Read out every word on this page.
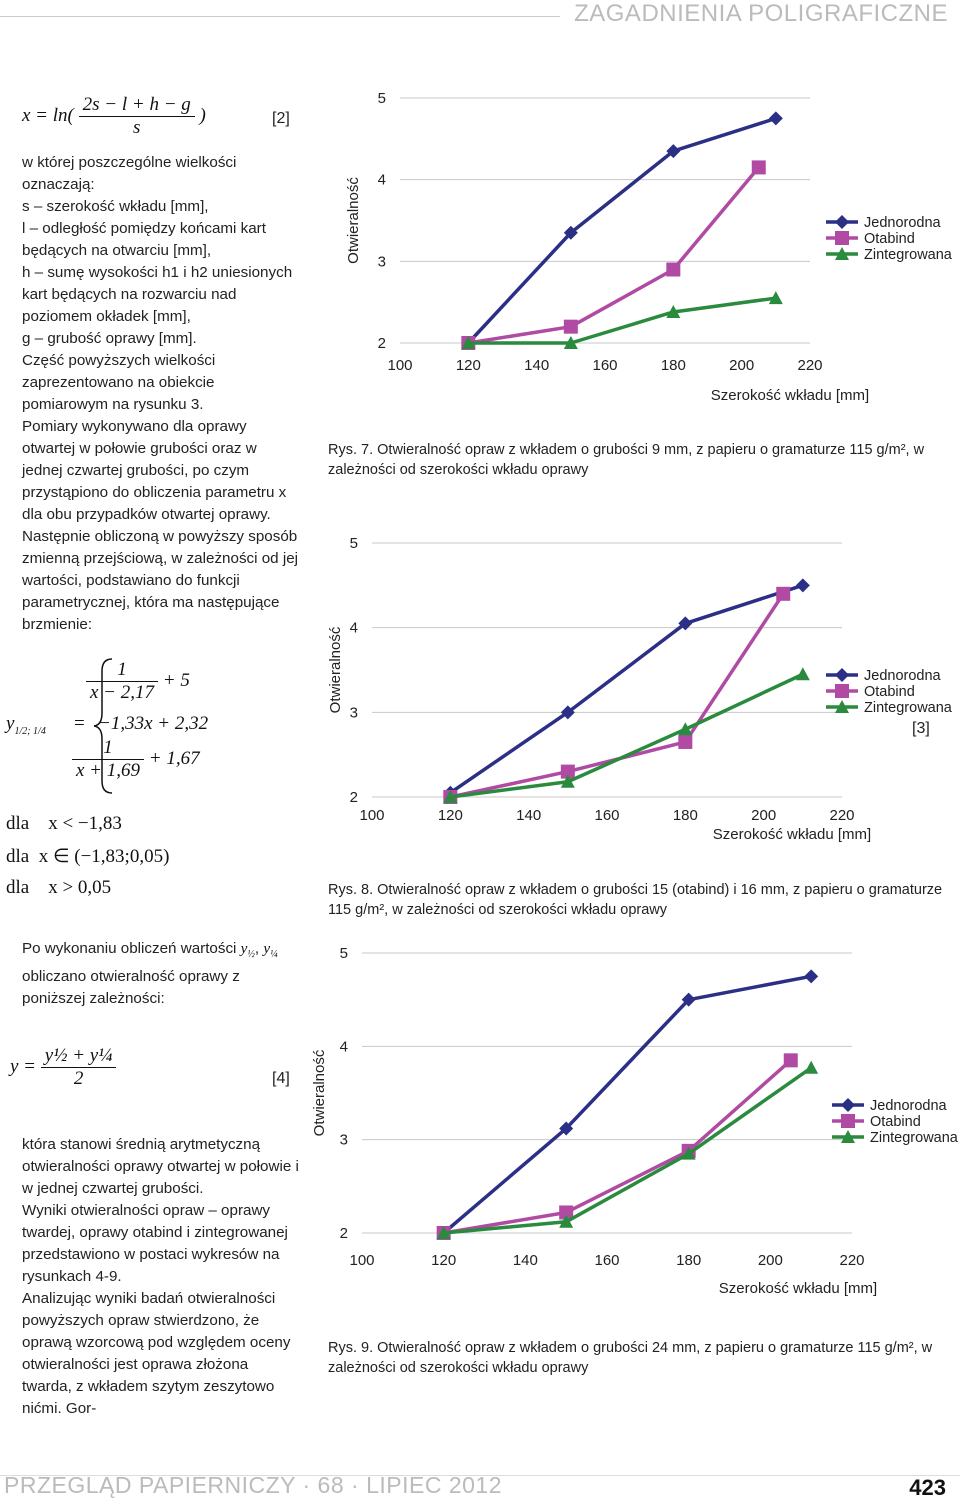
ZAGADNIENIA POLIGRAFICZNE
$x = \ln( \frac{2s - l + h - g}{s}$ )	[2]

w której poszczególne wielkości oznaczają:

s – szerokość wkładu [mm],

l – odległość pomiędzy końcami kart będących na otwarciu [mm],

h – sumę wysokości h1 i h2 uniesionych kart będących na rozwarciu nad poziomem okładek [mm],

g – grubość oprawy [mm].

Część powyższych wielkości zaprezentowano na obiekcie pomiarowym na rysunku 3.

Pomiary wykonywano dla oprawy otwartej w połowie grubości oraz w jednej czwartej grubości, po czym przystąpiono do obliczenia parametru x dla obu przypadków otwartej oprawy. Następnie obliczoną w powyższy sposób zmienną przejściową, w zależności od jej wartości, podstawiano do funkcji parametrycznej, która ma następujące brzmienie:

$y_{1/2; 1/4}$ =
$\frac{1}{x - 2,17} + 5$
−1,33x + 2,32
$\frac{1}{x + 1,69} + 1,67$
dla    x < −1,83
dla  x ∈ (−1,83;0,05)
dla    x > 0,05
[3]

Po wykonaniu obliczeń wartości $y_{\frac{1}{2}}$, $y_{\frac{1}{4}}$ obliczano otwieralność oprawy z poniższej zależności:

$y = \frac{\text{y½ + y¼}}{2}$	[4]

która stanowi średnią arytmetyczną otwieralności oprawy otwartej w połowie i w jednej czwartej grubości.

Wyniki otwieralności opraw – oprawy twardej, oprawy otabind i zintegrowanej przedstawiono w postaci wykresów na rysunkach 4-9.

Analizując wyniki badań otwieralności powyższych opraw stwierdzono, że oprawą wzorcową pod względem oceny otwieralności jest oprawa złożona twarda, z wkładem szytym zeszytowo nićmi. Gor-

2
3
4
5
100	120	140	160	180	200	220
Szerokość wkładu [mm]
Otwieralność	Jednorodna
Otabind
Zintegrowana
Rys. 7. Otwieralność opraw z wkładem o grubości 9 mm, z papieru o gramaturze 115 g/m², w zależności od szerokości wkładu oprawy
2
3
4
5
100	120	140	160	180	200	220
Szerokość wkładu [mm]
Otwieralność	Jednorodna
Otabind
Zintegrowana
Rys. 8. Otwieralność opraw z wkładem o grubości 15 (otabind) i 16 mm, z papieru o gramaturze 115 g/m², w zależności od szerokości wkładu oprawy
2
3
4
5
100	120	140	160	180	200	220
Szerokość wkładu [mm]
Otwieralność	Jednorodna
Otabind
Zintegrowana
Rys. 9. Otwieralność opraw z wkładem o grubości 24 mm, z papieru o gramaturze 115 g/m², w zależności od szerokości wkładu oprawy
PRZEGLĄD PAPIERNICZY · 68 · LIPIEC 2012	423
